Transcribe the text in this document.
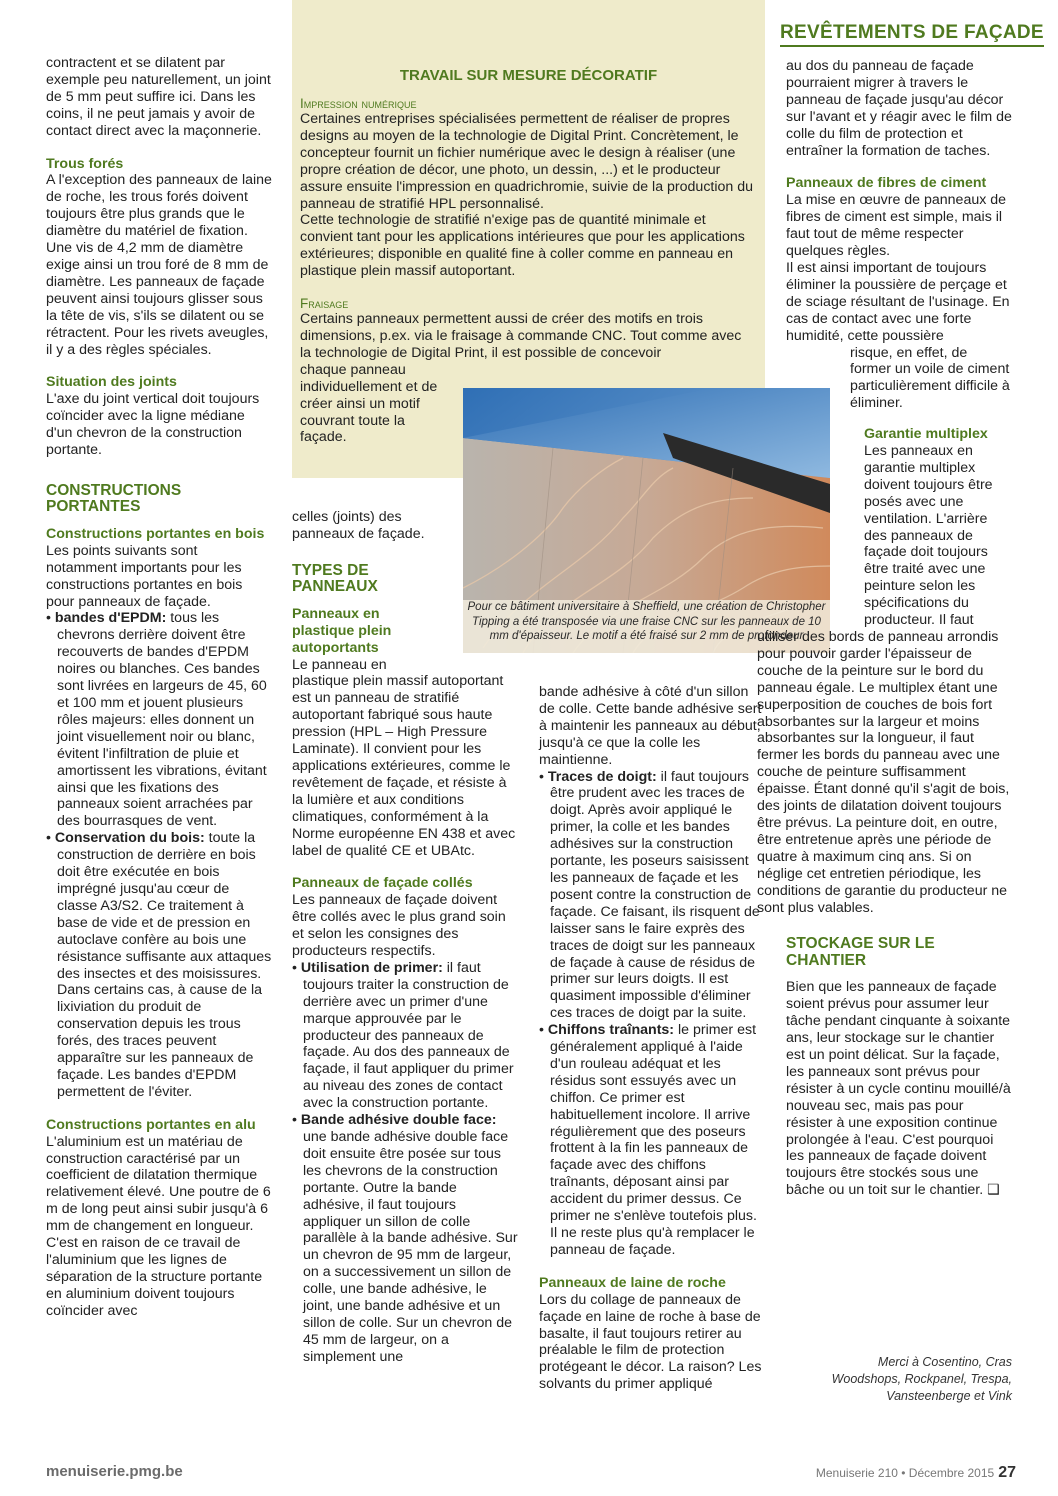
REVÊTEMENTS DE FAÇADE
Impression numérique

Certaines entreprises spécialisées permettent de réaliser de propres designs au moyen de la technologie de Digital Print. Concrètement, le concepteur fournit un fichier numérique avec le design à réaliser (une propre création de décor, une photo, un dessin, ...) et le producteur assure ensuite l'impression en quadrichromie, suivie de la production du panneau de stratifié HPL personnalisé.

Cette technologie de stratifié n'exige pas de quantité minimale et convient tant pour les applications intérieures que pour les applications extérieures; disponible en qualité fine à coller comme en panneau en plastique plein massif autoportant.

Fraisage

Certains panneaux permettent aussi de créer des motifs en trois dimensions, p.ex. via le fraisage à commande CNC. Tout comme avec la technologie de Digital Print, il est possible de concevoir

chaque panneau individuellement et de créer ainsi un motif couvrant toute la façade.

TRAVAIL SUR MESURE DÉCORATIF
Pour ce bâtiment universitaire à Sheffield, une création de Christopher Tipping a été transposée via une fraise CNC sur les panneaux de 10 mm d'épaisseur. Le motif a été fraisé sur 2 mm de profondeur

contractent et se dilatent par exemple peu naturellement, un joint de 5 mm peut suffire ici. Dans les coins, il ne peut jamais y avoir de contact direct avec la maçonnerie.

Trous forés

A l'exception des panneaux de laine de roche, les trous forés doivent toujours être plus grands que le diamètre du matériel de fixation. Une vis de 4,2 mm de diamètre exige ainsi un trou foré de 8 mm de diamètre. Les panneaux de façade peuvent ainsi toujours glisser sous la tête de vis, s'ils se dilatent ou se rétractent. Pour les rivets aveugles, il y a des règles spéciales.

Situation des joints

L'axe du joint vertical doit toujours coïncider avec la ligne médiane d'un chevron de la construction portante.

CONSTRUCTIONS PORTANTES
Constructions portantes en bois

Les points suivants sont notamment importants pour les constructions portantes en bois pour panneaux de façade.

• bandes d'EPDM: tous les chevrons derrière doivent être recouverts de bandes d'EPDM noires ou blanches. Ces bandes sont livrées en largeurs de 45, 60 et 100 mm et jouent plusieurs rôles majeurs: elles donnent un joint visuellement noir ou blanc, évitent l'infiltration de pluie et amortissent les vibrations, évitant ainsi que les fixations des panneaux soient arrachées par des bourrasques de vent.

• Conservation du bois: toute la construction de derrière en bois doit être exécutée en bois imprégné jusqu'au cœur de classe A3/S2. Ce traitement à base de vide et de pression en autoclave confère au bois une résistance suffisante aux attaques des insectes et des moisissures. Dans certains cas, à cause de la lixiviation du produit de conservation depuis les trous forés, des traces peuvent apparaître sur les panneaux de façade. Les bandes d'EPDM permettent de l'éviter.

Constructions portantes en alu

L'aluminium est un matériau de construction caractérisé par un coefficient de dilatation thermique relativement élevé. Une poutre de 6 m de long peut ainsi subir jusqu'à 6 mm de changement en longueur. C'est en raison de ce travail de l'aluminium que les lignes de séparation de la structure portante en aluminium doivent toujours coïncider avec

celles (joints) des panneaux de façade.

TYPES DE PANNEAUX
Panneaux en plastique plein autoportants

Le panneau en

plastique plein massif autoportant est un panneau de stratifié autoportant fabriqué sous haute pression (HPL – High Pressure Laminate). Il convient pour les applications extérieures, comme le revêtement de façade, et résiste à la lumière et aux conditions climatiques, conformément à la Norme européenne EN 438 et avec label de qualité CE et UBAtc.

Panneaux de façade collés

Les panneaux de façade doivent être collés avec le plus grand soin et selon les consignes des producteurs respectifs.

• Utilisation de primer: il faut toujours traiter la construction de derrière avec un primer d'une marque approuvée par le producteur des panneaux de façade. Au dos des panneaux de façade, il faut appliquer du primer au niveau des zones de contact avec la construction portante.

• Bande adhésive double face: une bande adhésive double face doit ensuite être posée sur tous les chevrons de la construction portante. Outre la bande adhésive, il faut toujours appliquer un sillon de colle parallèle à la bande adhésive. Sur un chevron de 95 mm de largeur, on a successivement un sillon de colle, une bande adhésive, le joint, une bande adhésive et un sillon de colle. Sur un chevron de 45 mm de largeur, on a simplement une

bande adhésive à côté d'un sillon de colle. Cette bande adhésive sert à maintenir les panneaux au début, jusqu'à ce que la colle les maintienne.

• Traces de doigt: il faut toujours être prudent avec les traces de doigt. Après avoir appliqué le primer, la colle et les bandes adhésives sur la construction portante, les poseurs saisissent les panneaux de façade et les posent contre la construction de façade. Ce faisant, ils risquent de laisser sans le faire exprès des traces de doigt sur les panneaux de façade à cause de résidus de primer sur leurs doigts. Il est quasiment impossible d'éliminer ces traces de doigt par la suite.

• Chiffons traînants: le primer est généralement appliqué à l'aide d'un rouleau adéquat et les résidus sont essuyés avec un chiffon. Ce primer est habituellement incolore. Il arrive régulièrement que des poseurs frottent à la fin les panneaux de façade avec des chiffons traînants, déposant ainsi par accident du primer dessus. Ce primer ne s'enlève toutefois plus. Il ne reste plus qu'à remplacer le panneau de façade.

Panneaux de laine de roche

Lors du collage de panneaux de façade en laine de roche à base de basalte, il faut toujours retirer au préalable le film de protection protégeant le décor. La raison? Les solvants du primer appliqué

au dos du panneau de façade pourraient migrer à travers le panneau de façade jusqu'au décor sur l'avant et y réagir avec le film de colle du film de protection et entraîner la formation de taches.

Panneaux de fibres de ciment

La mise en œuvre de panneaux de fibres de ciment est simple, mais il faut tout de même respecter quelques règles.

Il est ainsi important de toujours éliminer la poussière de perçage et de sciage résultant de l'usinage. En cas de contact avec une forte humidité, cette poussière

risque, en effet, de former un voile de ciment particulièrement difficile à éliminer.

Garantie multiplex

Les panneaux en garantie multiplex doivent toujours être posés avec une ventilation. L'arrière des panneaux de façade doit toujours être traité avec une peinture selon les spécifications du producteur. Il faut

utiliser des bords de panneau arrondis pour pouvoir garder l'épaisseur de couche de la peinture sur le bord du panneau égale. Le multiplex étant une superposition de couches de bois fort absorbantes sur la largeur et moins absorbantes sur la longueur, il faut fermer les bords du panneau avec une couche de peinture suffisamment épaisse. Étant donné qu'il s'agit de bois, des joints de dilatation doivent toujours être prévus. La peinture doit, en outre, être entretenue après une période de quatre à maximum cinq ans. Si on néglige cet entretien périodique, les conditions de garantie du producteur ne sont plus valables.

STOCKAGE SUR LE CHANTIER

Bien que les panneaux de façade soient prévus pour assumer leur tâche pendant cinquante à soixante ans, leur stockage sur le chantier est un point délicat. Sur la façade, les panneaux sont prévus pour résister à un cycle continu mouillé/à nouveau sec, mais pas pour résister à une exposition continue prolongée à l'eau. C'est pourquoi les panneaux de façade doivent toujours être stockés sous une bâche ou un toit sur le chantier. ❑

Merci à Cosentino, Cras Woodshops, Rockpanel, Trespa, Vansteenberge et Vink
menuiserie.pmg.be	Menuiserie 210 • Décembre 2015 27
